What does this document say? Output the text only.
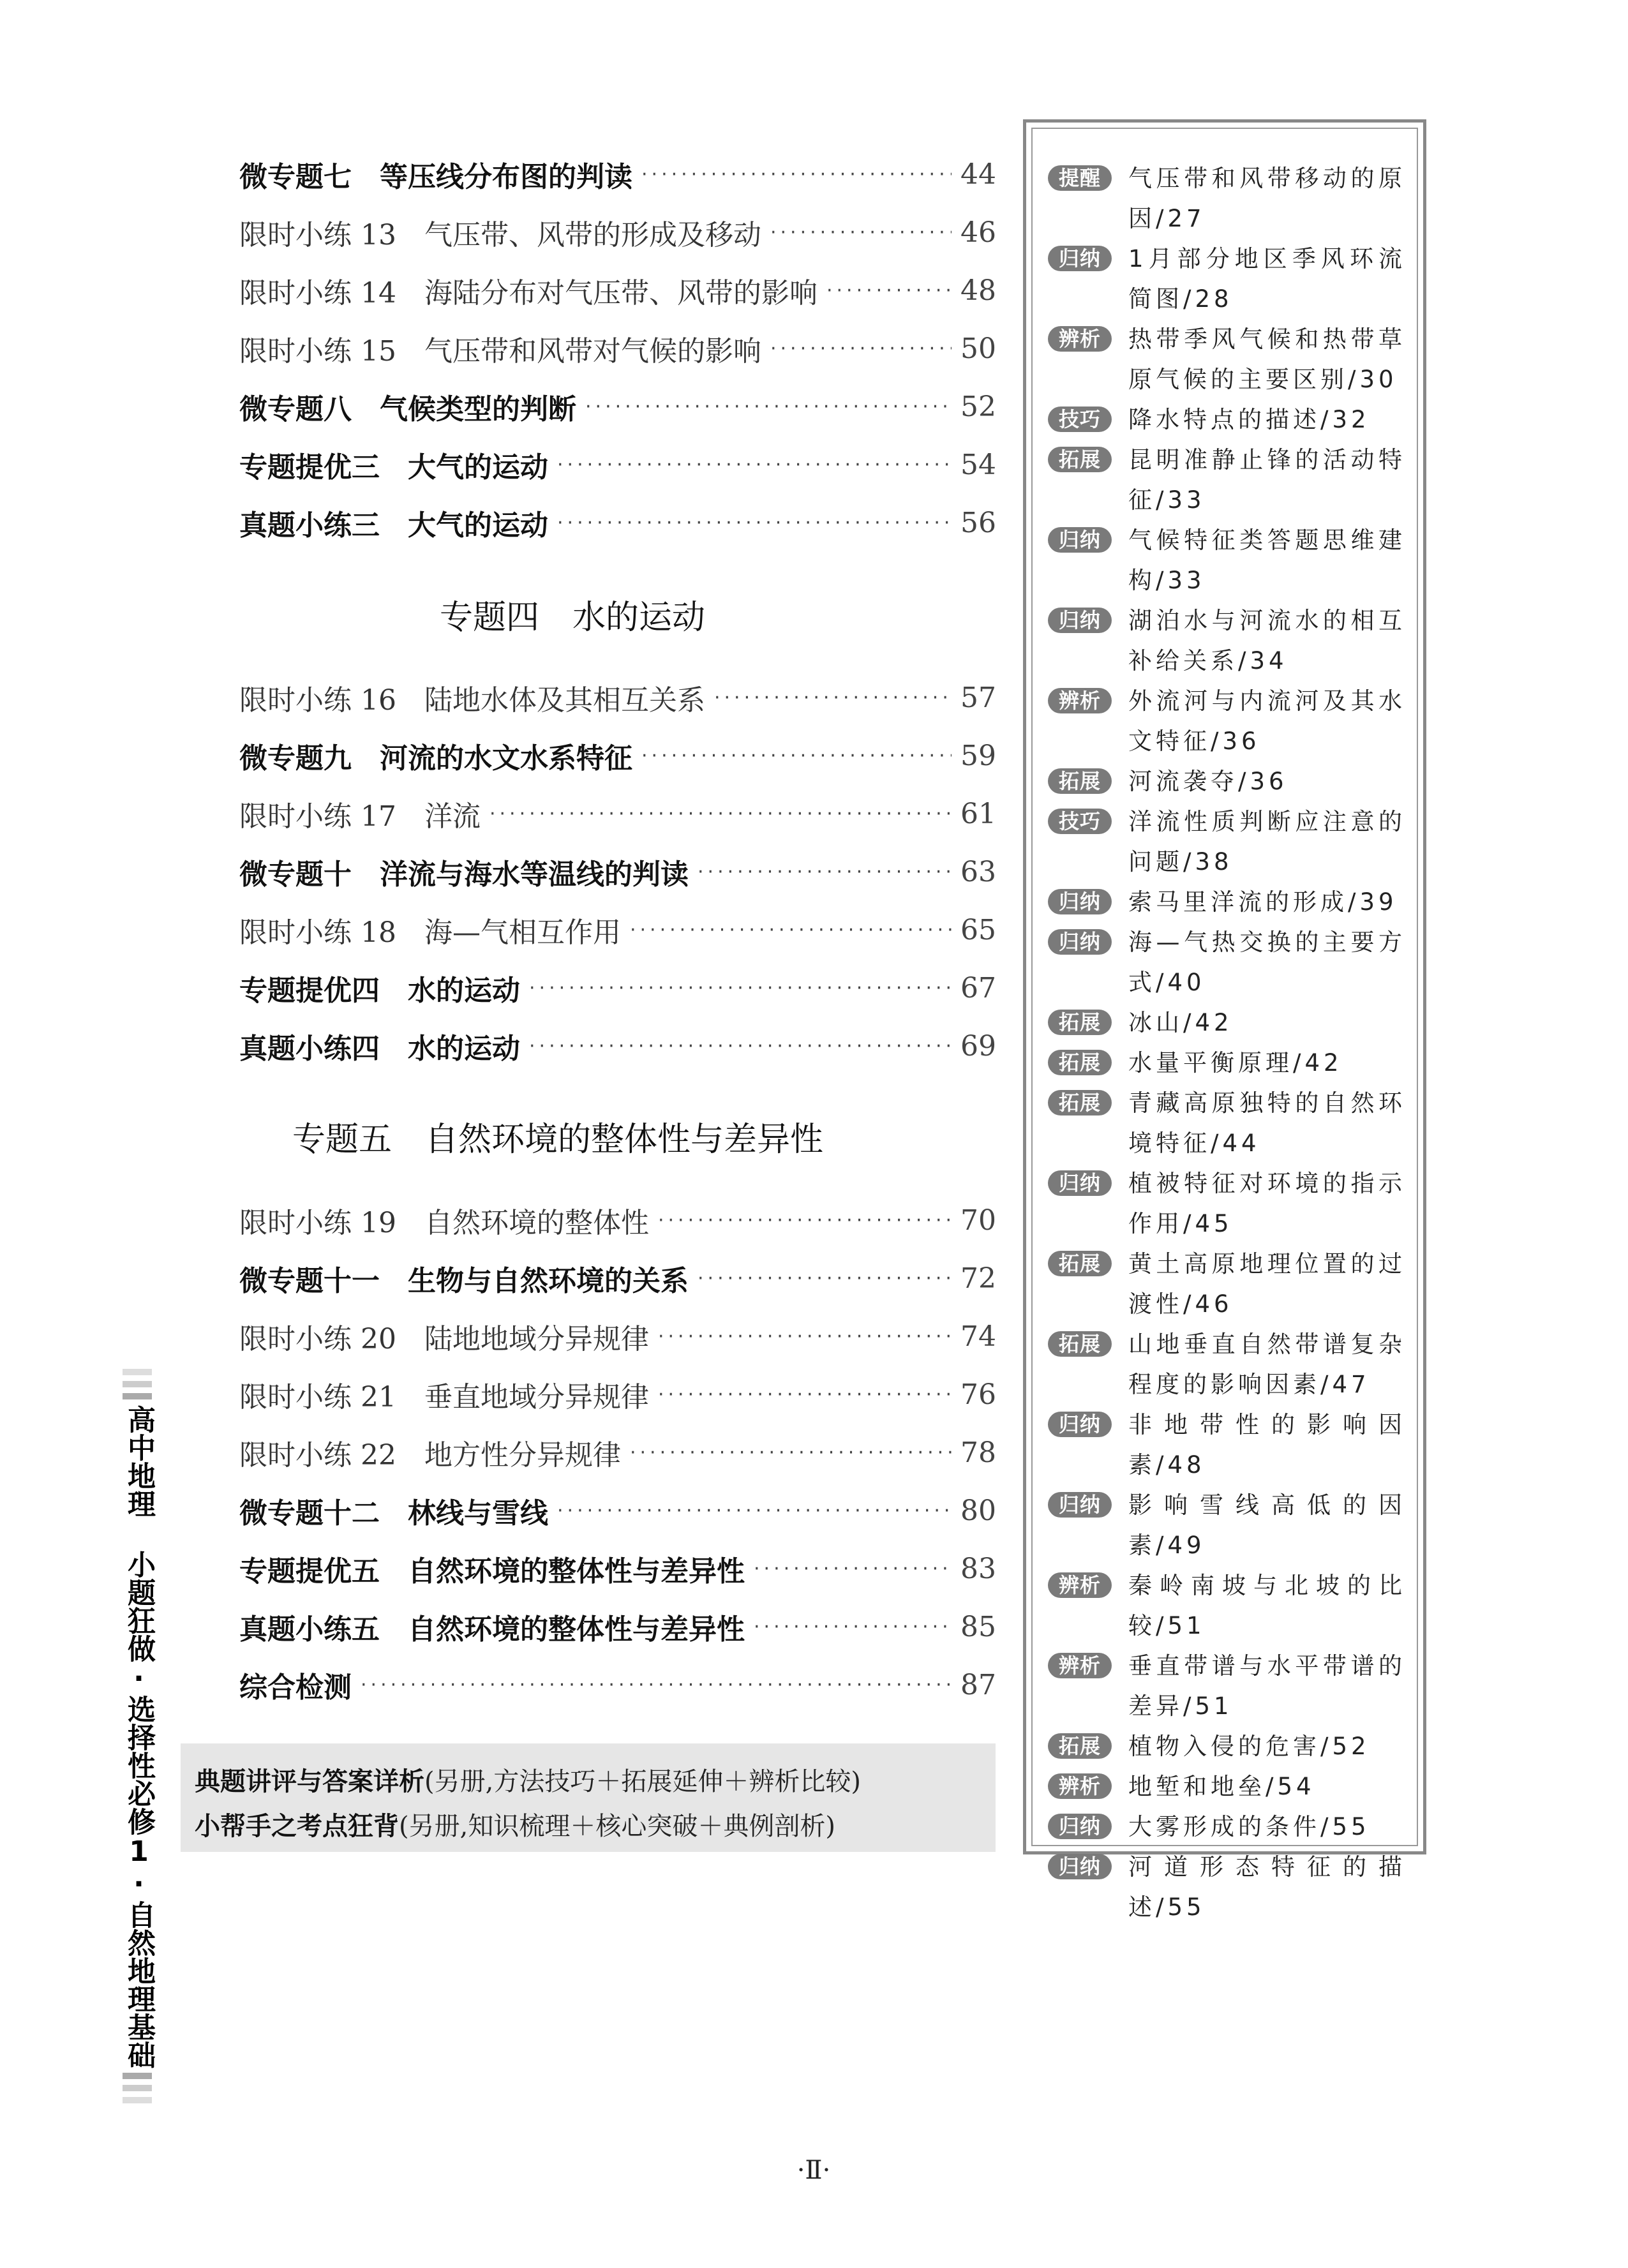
微专题七　等压线分布图的判读 ·····	44
限时小练 13　气压带、风带的形成及移动 ·····	46
限时小练 14　海陆分布对气压带、风带的影响 ·····	48
限时小练 15　气压带和风带对气候的影响 ·····	50
微专题八　气候类型的判断 ·····	52
专题提优三　大气的运动 ·····	54
真题小练三　大气的运动 ·····	56
限时小练 16　陆地水体及其相互关系 ·····	57
微专题九　河流的水文水系特征 ·····	59
限时小练 17　洋流 ·····	61
微专题十　洋流与海水等温线的判读 ·····	63
限时小练 18　海—气相互作用 ·····	65
专题提优四　水的运动 ·····	67
真题小练四　水的运动 ·····	69
限时小练 19　自然环境的整体性 ·····	70
微专题十一　生物与自然环境的关系 ·····	72
限时小练 20　陆地地域分异规律 ·····	74
限时小练 21　垂直地域分异规律 ·····	76
限时小练 22　地方性分异规律 ·····	78
微专题十二　林线与雪线 ·····	80
专题提优五　自然环境的整体性与差异性 ·····	83
真题小练五　自然环境的整体性与差异性 ·····	85
综合检测 ·····	87
专题四　水的运动
专题五　自然环境的整体性与差异性
典题讲评与答案详析(另册,方法技巧＋拓展延伸＋辨析比较)
小帮手之考点狂背(另册,知识梳理＋核心突破＋典例剖析)
提醒	气压带和风带移动的原因/27
归纳	1月部分地区季风环流简图/28
辨析	热带季风气候和热带草原气候的主要区别/30
技巧	降水特点的描述/32
拓展	昆明准静止锋的活动特征/33
归纳	气候特征类答题思维建构/33
归纳	湖泊水与河流水的相互补给关系/34
辨析	外流河与内流河及其水文特征/36
拓展	河流袭夺/36
技巧	洋流性质判断应注意的问题/38
归纳	索马里洋流的形成/39
归纳	海—气热交换的主要方式/40
拓展	冰山/42
拓展	水量平衡原理/42
拓展	青藏高原独特的自然环境特征/44
归纳	植被特征对环境的指示作用/45
拓展	黄土高原地理位置的过渡性/46
拓展	山地垂直自然带谱复杂程度的影响因素/47
归纳	非地带性的影响因素/48
归纳	影响雪线高低的因素/49
辨析	秦岭南坡与北坡的比较/51
辨析	垂直带谱与水平带谱的差异/51
拓展	植物入侵的危害/52
辨析	地堑和地垒/54
归纳	大雾形成的条件/55
归纳	河道形态特征的描述/55
高中地理 小题狂做·选择性必修1·自然地理基础
·Ⅱ·
